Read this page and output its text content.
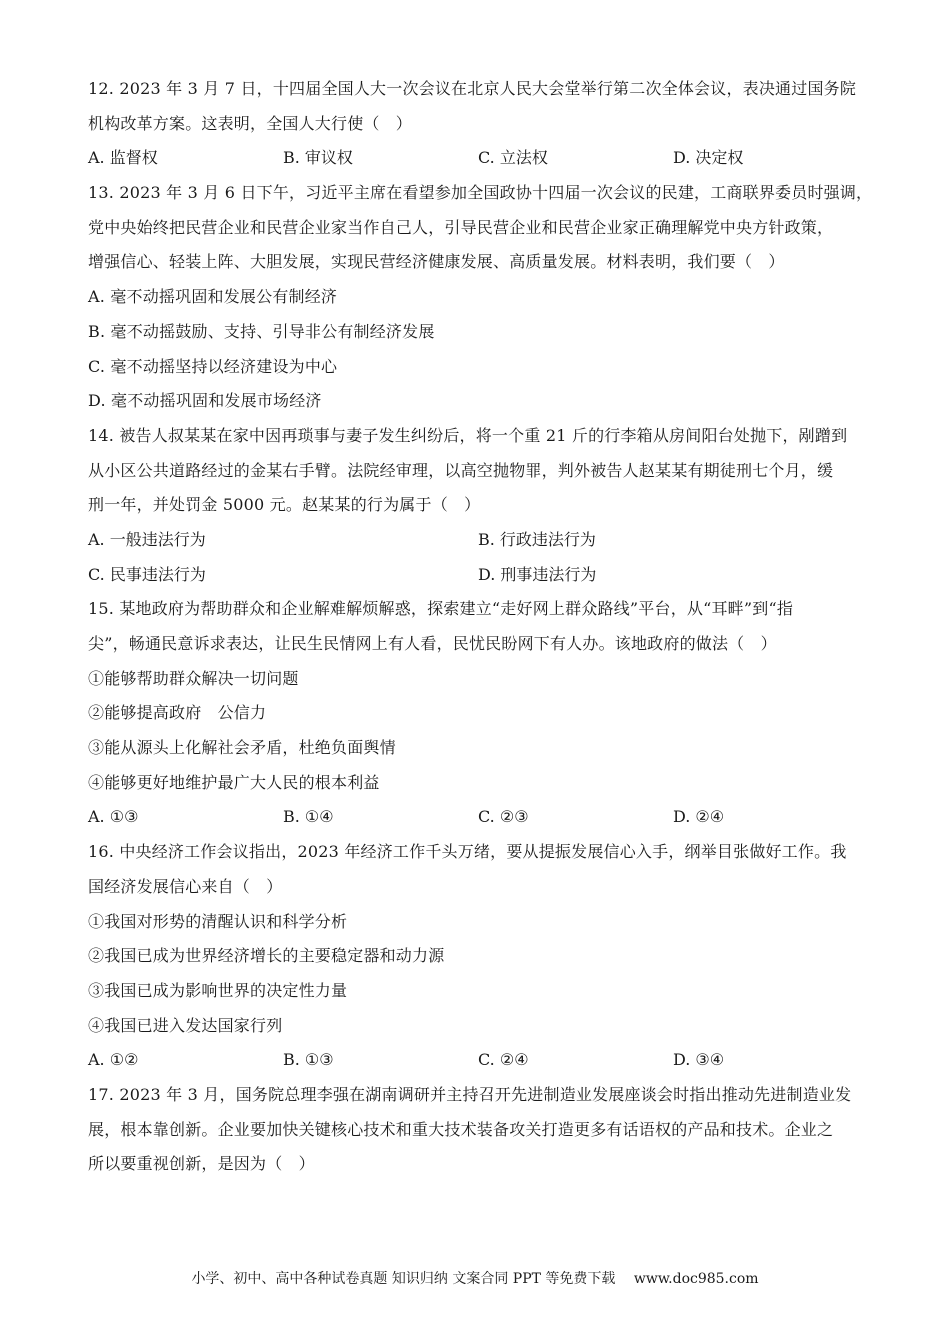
12. 2023 年 3 月 7 日，十四届全国人大一次会议在北京人民大会堂举行第二次全体会议，表决通过国务院
机构改革方案。这表明，全国人大行使（　）
A. 监督权	B. 审议权	C. 立法权	D. 决定权
13. 2023 年 3 月 6 日下午，习近平主席在看望参加全国政协十四届一次会议的民建，工商联界委员时强调，
党中央始终把民营企业和民营企业家当作自己人，引导民营企业和民营企业家正确理解党中央方针政策，
增强信心、轻装上阵、大胆发展，实现民营经济健康发展、高质量发展。材料表明，我们要（　）
A. 毫不动摇巩固和发展公有制经济
B. 毫不动摇鼓励、支持、引导非公有制经济发展
C. 毫不动摇坚持以经济建设为中心
D. 毫不动摇巩固和发展市场经济
14. 被告人叔某某在家中因再琐事与妻子发生纠纷后，将一个重 21 斤的行李箱从房间阳台处抛下，剐蹭到
从小区公共道路经过的金某右手臂。法院经审理，以高空抛物罪，判外被告人赵某某有期徒刑七个月，缓
刑一年，并处罚金 5000 元。赵某某的行为属于（　）
A. 一般违法行为	B. 行政违法行为
C. 民事违法行为	D. 刑事违法行为
15. 某地政府为帮助群众和企业解难解烦解惑，探索建立“走好网上群众路线”平台，从“耳畔”到“指
尖”，畅通民意诉求表达，让民生民情网上有人看，民忧民盼网下有人办。该地政府的做法（　）
①能够帮助群众解决一切问题
②能够提高政府　公信力
③能从源头上化解社会矛盾，杜绝负面舆情
④能够更好地维护最广大人民的根本利益
A. ①③	B. ①④	C. ②③	D. ②④
16. 中央经济工作会议指出，2023 年经济工作千头万绪，要从提振发展信心入手，纲举目张做好工作。我
国经济发展信心来自（　）
①我国对形势的清醒认识和科学分析
②我国已成为世界经济增长的主要稳定器和动力源
③我国已成为影响世界的决定性力量
④我国已进入发达国家行列
A. ①②	B. ①③	C. ②④	D. ③④
17. 2023 年 3 月，国务院总理李强在湖南调研并主持召开先进制造业发展座谈会时指出推动先进制造业发
展，根本靠创新。企业要加快关键核心技术和重大技术装备攻关打造更多有话语权的产品和技术。企业之
所以要重视创新，是因为（　）
小学、初中、高中各种试卷真题 知识归纳 文案合同 PPT 等免费下载　 www.doc985.com
